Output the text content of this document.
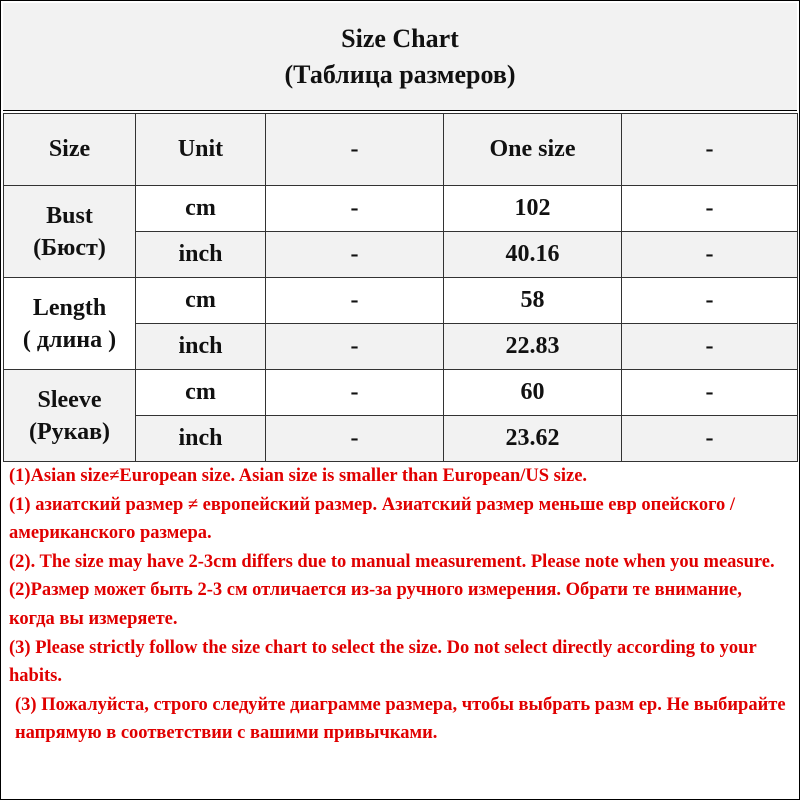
Size Chart
(Таблица размеров)
Size	Unit	-	One size	-

Bust
(Бюст)	cm	-	102	-
	inch	-	40.16	-

Length
( длина )	cm	-	58	-
	inch	-	22.83	-

Sleeve
(Рукав)	cm	-	60	-
	inch	-	23.62	-

(1)Asian size≠European size. Asian size is smaller than European/US size.

(1) азиатский размер ≠ европейский размер. Азиатский размер меньше евр опейского / американского размера.

(2). The size may have 2-3cm differs due to manual measurement. Please note when you measure.

(2)Размер может быть 2-3 см отличается из-за ручного измерения. Обрати те внимание, когда вы измеряете.

(3) Please strictly follow the size chart to select the size. Do not select directly according to your habits.

(3) Пожалуйста, строго следуйте диаграмме размера, чтобы выбрать разм ер. Не выбирайте напрямую в соответствии с вашими привычками.
